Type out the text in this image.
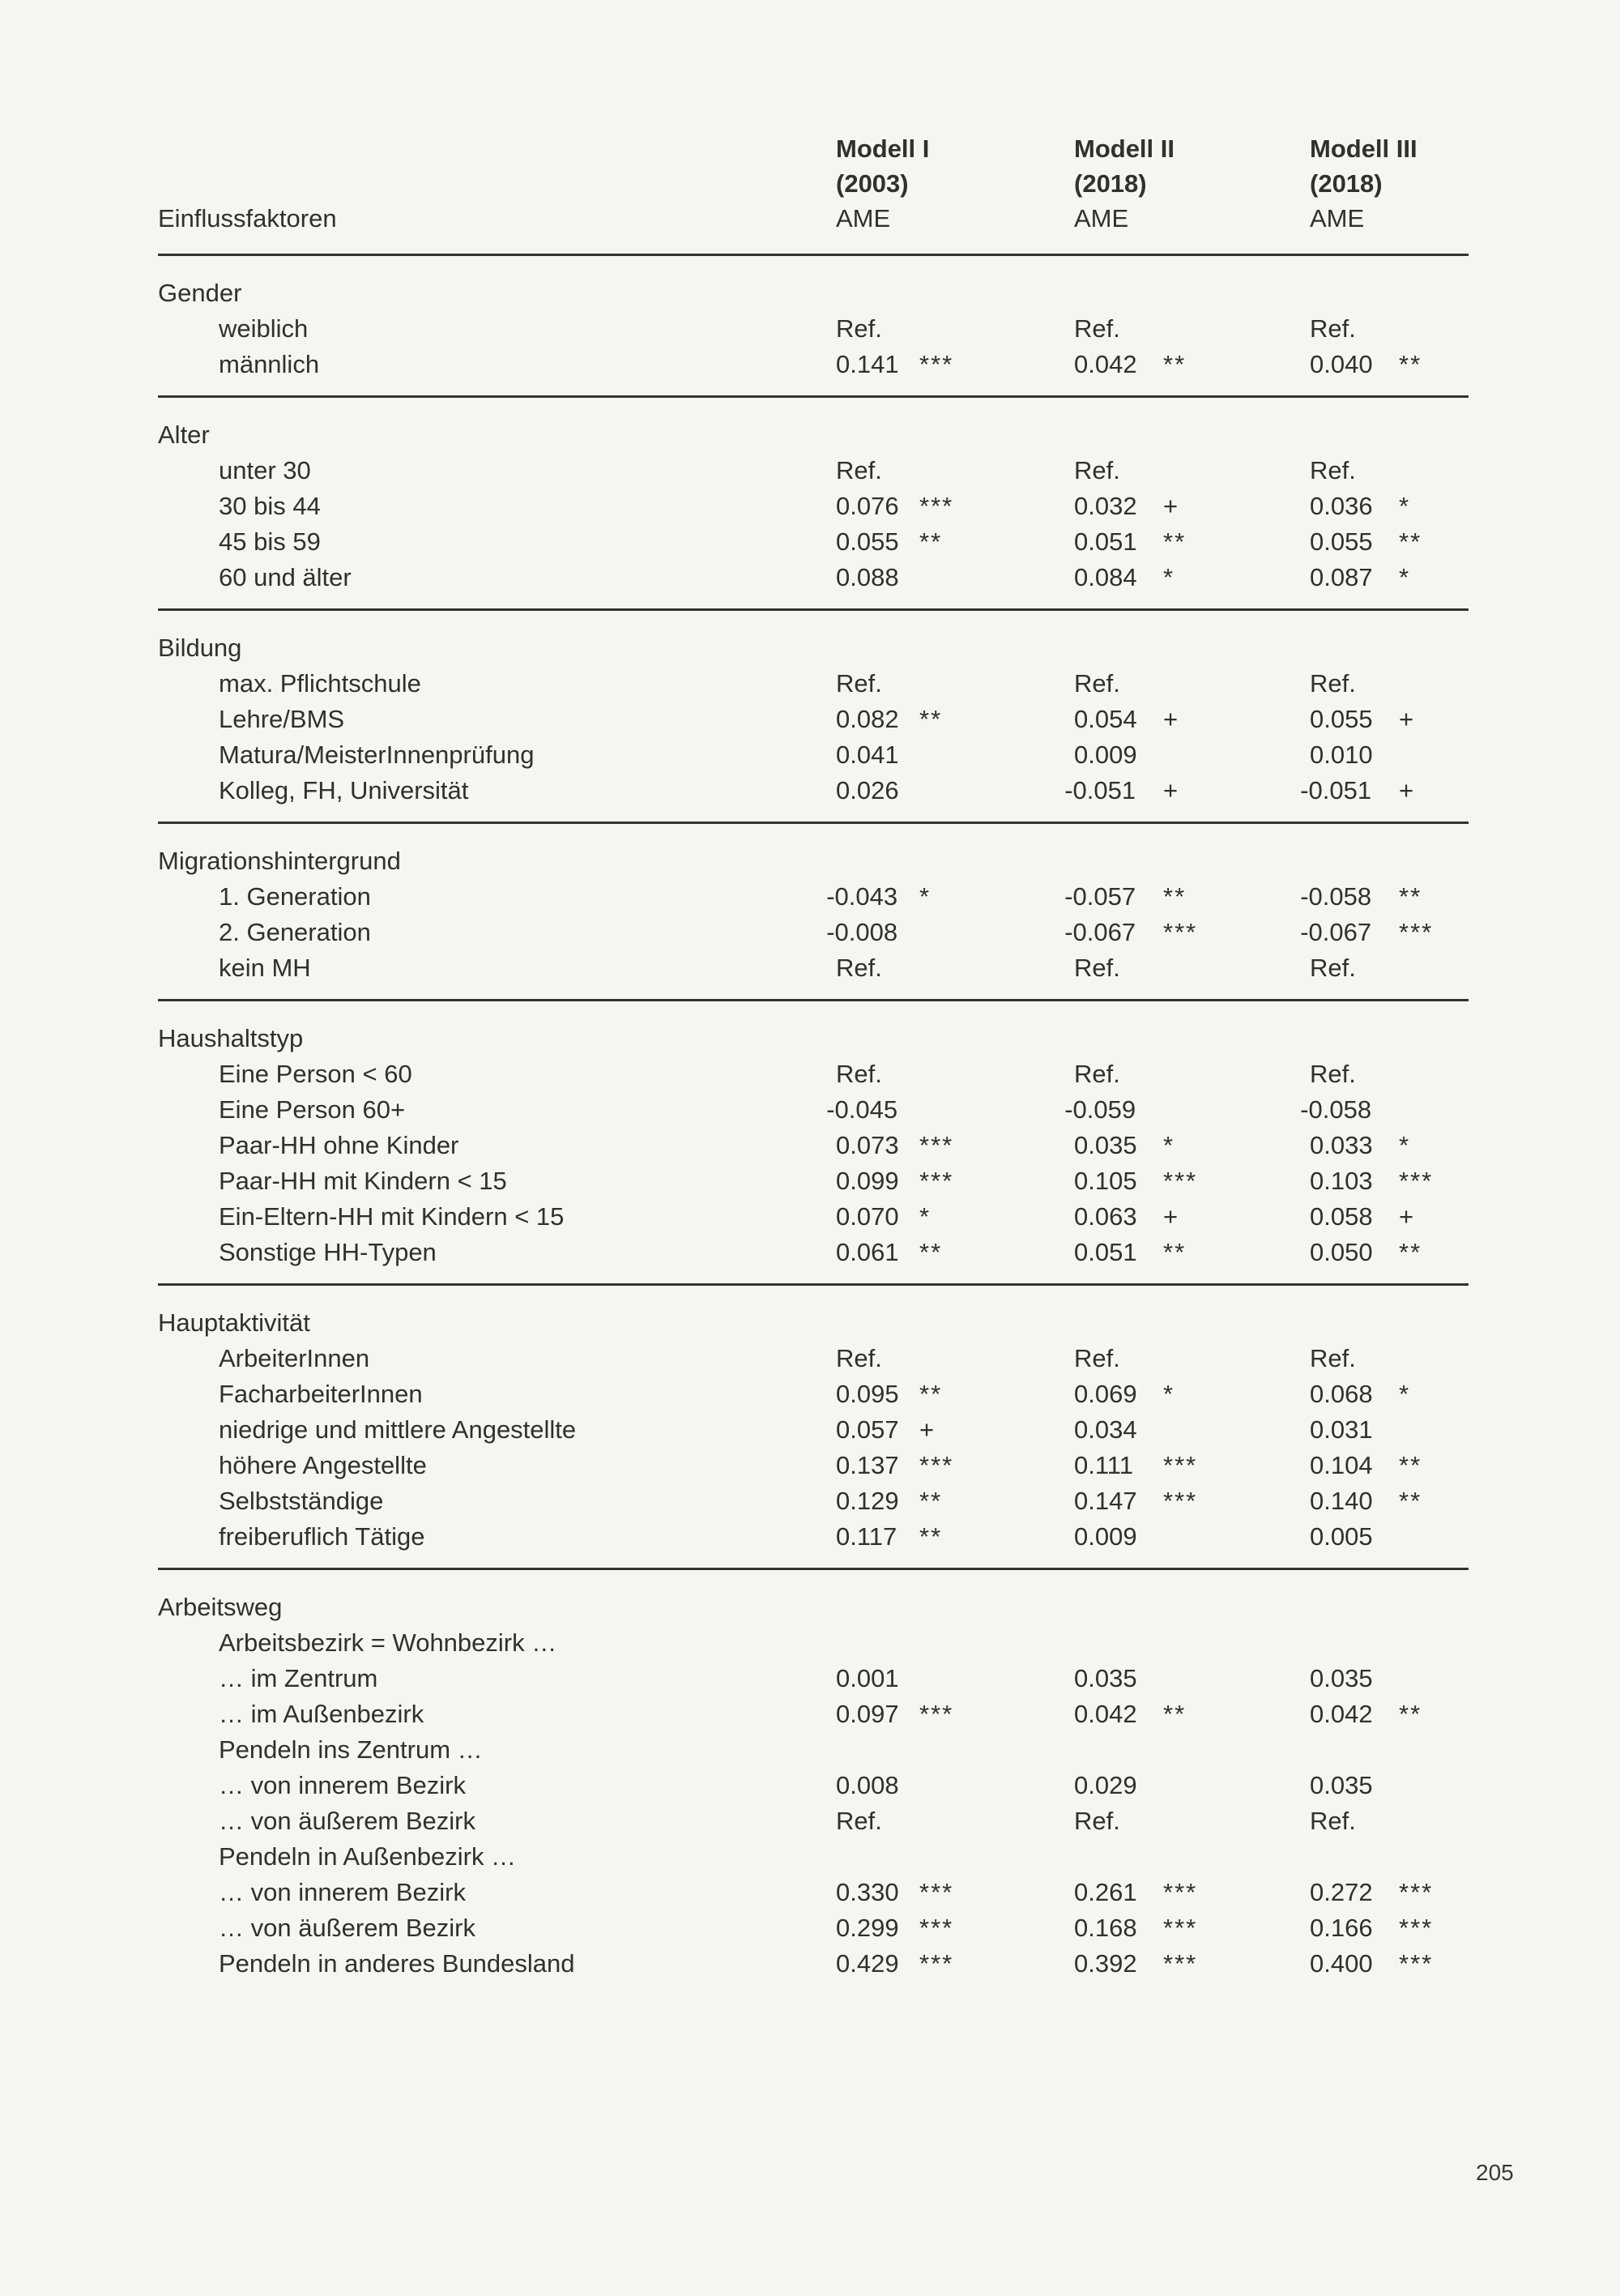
Einflussfaktoren
Modell I
(2003)
AME
Modell II
(2018)
AME
Modell III
(2018)
AME
Gender
weiblich	Ref.	Ref.	Ref.
männlich	0.141 ***	0.042	**	0.040	**
Alter
unter 30	Ref.	Ref.	Ref.
30 bis 44	0.076 ***	0.032	+	0.036	*
45 bis 59	0.055 **	0.051	**	0.055	**
60 und älter	0.088	0.084	*	0.087	*
Bildung
max. Pflichtschule	Ref.	Ref.	Ref.
Lehre/BMS	0.082 **	0.054	+	0.055	+
Matura/MeisterInnenprüfung	0.041	0.009	0.010
Kolleg, FH, Universität	0.026	-0.051	+	-0.051	+
Migrationshintergrund
1. Generation	-0.043 *	-0.057	**	-0.058	**
2. Generation	-0.008	-0.067	***	-0.067	***
kein MH	Ref.	Ref.	Ref.
Haushaltstyp
Eine Person < 60	Ref.	Ref.	Ref.
Eine Person 60+	-0.045	-0.059	-0.058
Paar-HH ohne Kinder	0.073 ***	0.035	*	0.033	*
Paar-HH mit Kindern < 15	0.099 ***	0.105	***	0.103	***
Ein-Eltern-HH mit Kindern < 15	0.070 *	0.063	+	0.058	+
Sonstige HH-Typen	0.061 **	0.051	**	0.050	**
Hauptaktivität
ArbeiterInnen	Ref.	Ref.	Ref.
FacharbeiterInnen	0.095 **	0.069	*	0.068	*
niedrige und mittlere Angestellte	0.057 +	0.034	0.031
höhere Angestellte	0.137 ***	0.111	***	0.104	**
Selbstständige	0.129 **	0.147	***	0.140	**
freiberuflich Tätige	0.117 **	0.009	0.005
Arbeitsweg
Arbeitsbezirk = Wohnbezirk …
… im Zentrum	0.001	0.035	0.035
… im Außenbezirk	0.097 ***	0.042	**	0.042	**
Pendeln ins Zentrum …
… von innerem Bezirk	0.008	0.029	0.035
… von äußerem Bezirk	Ref.	Ref.	Ref.
Pendeln in Außenbezirk …
… von innerem Bezirk	0.330 ***	0.261	***	0.272	***
… von äußerem Bezirk	0.299 ***	0.168	***	0.166	***
Pendeln in anderes Bundesland	0.429 ***	0.392	***	0.400	***
205
